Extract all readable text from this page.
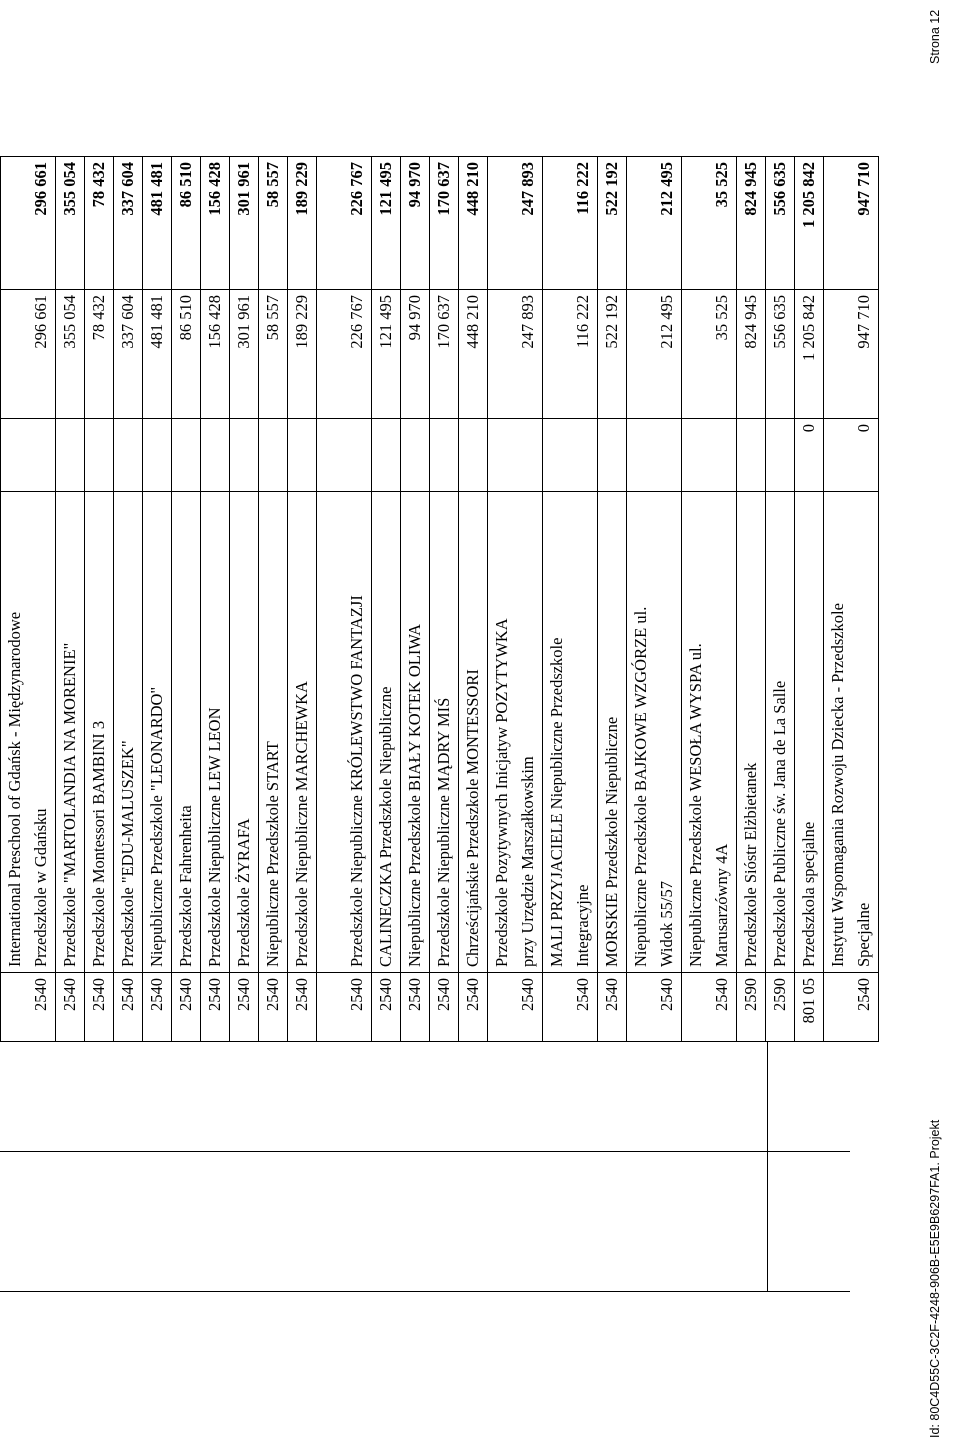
2540	International Preschool of Gdańsk - Międzynarodowe Przedszkole w Gdańsku		296 661	296 661
2540	Przedszkole "MARTOLANDIA NA MORENIE"		355 054	355 054
2540	Przedszkole Montessori BAMBINI 3		78 432	78 432
2540	Przedszkole "EDU-MALUSZEK"		337 604	337 604
2540	Niepubliczne Przedszkole "LEONARDO"		481 481	481 481
2540	Przedszkole Fahrenheita		86 510	86 510
2540	Przedszkole Niepubliczne LEW LEON		156 428	156 428
2540	Przedszkole ŻYRAFA		301 961	301 961
2540	Niepubliczne Przedszkole START		58 557	58 557
2540	Przedszkole Niepubliczne MARCHEWKA		189 229	189 229
2540	Przedszkole Niepubliczne KRÓLEWSTWO FANTAZJI		226 767	226 767
2540	CALINECZKA Przedszkole Niepubliczne		121 495	121 495
2540	Niepubliczne Przedszkole BIAŁY KOTEK OLIWA		94 970	94 970
2540	Przedszkole Niepubliczne MĄDRY MIŚ		170 637	170 637
2540	Chrześcijańskie Przedszkole MONTESSORI		448 210	448 210
2540	Przedszkole Pozytywnych Inicjatyw POZYTYWKA przy Urzędzie Marszałkowskim		247 893	247 893
2540	MALI PRZYJACIELE Niepubliczne Przedszkole Integracyjne		116 222	116 222
2540	MORSKIE Przedszkole Niepubliczne		522 192	522 192
2540	Niepubliczne Przedszkole BAJKOWE WZGÓRZE ul. Widok 55/57		212 495	212 495
2540	Niepubliczne Przedszkole WESOŁA WYSPA ul. Marusarzówny 4A		35 525	35 525
2590	Przedszkole Sióstr Elżbietanek		824 945	824 945
2590	Przedszkole Publiczne św. Jana de La Salle		556 635	556 635
801 05	Przedszkola specjalne	0	1 205 842	1 205 842
2540	Instytut Wspomagania Rozwoju Dziecka - Przedszkole Specjalne	0	947 710	947 710
Id: 80C4D55C-3C2F-4248-906B-E5E9B6297FA1. Projekt
Strona 12
